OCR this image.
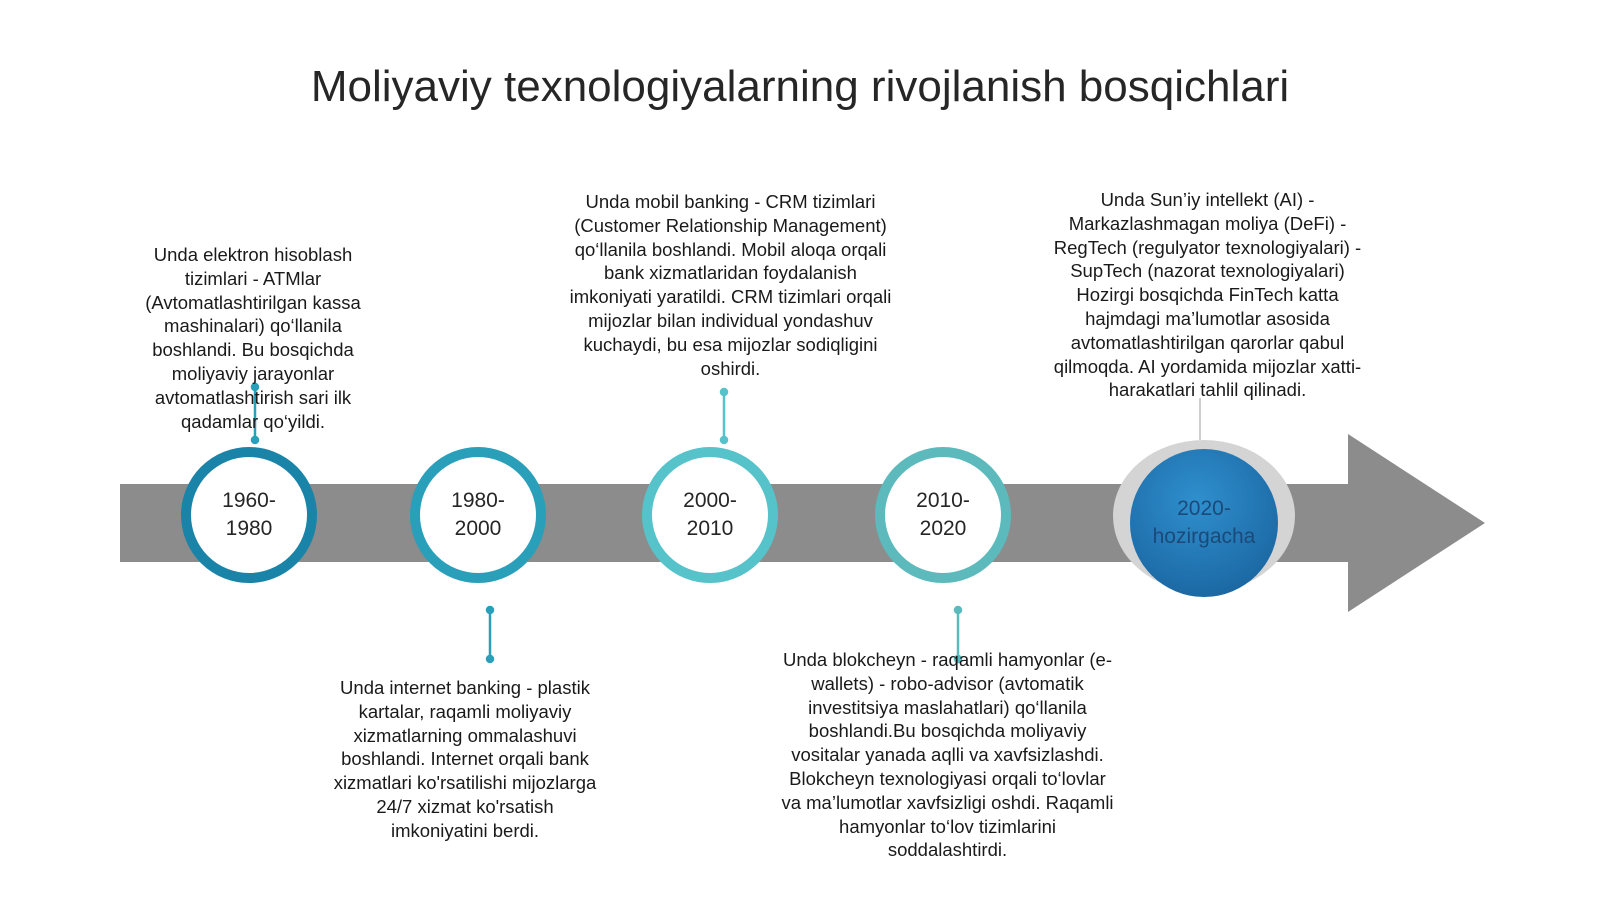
Moliyaviy texnologiyalarning rivojlanish bosqichlari
1960-
1980
1980-
2000
2000-
2010
2010-
2020
2020-
hozirgacha
Unda elektron hisoblash
tizimlari - ATMlar
(Avtomatlashtirilgan kassa
mashinalari) qo‘llanila
boshlandi. Bu bosqichda
moliyaviy jarayonlar
avtomatlashtirish sari ilk
qadamlar qo‘yildi.
Unda internet banking - plastik
kartalar, raqamli moliyaviy
xizmatlarning ommalashuvi
boshlandi. Internet orqali bank
xizmatlari ko'rsatilishi mijozlarga
24/7 xizmat ko'rsatish
imkoniyatini berdi.
Unda mobil banking - CRM tizimlari
(Customer Relationship Management)
qo‘llanila boshlandi. Mobil aloqa orqali
bank xizmatlaridan foydalanish
imkoniyati yaratildi. CRM tizimlari orqali
mijozlar bilan individual yondashuv
kuchaydi, bu esa mijozlar sodiqligini
oshirdi.
Unda blokcheyn - raqamli hamyonlar (e-
wallets) - robo-advisor (avtomatik
investitsiya maslahatlari) qo‘llanila
boshlandi.Bu bosqichda moliyaviy
vositalar yanada aqlli va xavfsizlashdi.
Blokcheyn texnologiyasi orqali to‘lovlar
va ma’lumotlar xavfsizligi oshdi. Raqamli
hamyonlar to‘lov tizimlarini
soddalashtirdi.
Unda Sun’iy intellekt (AI) -
Markazlashmagan moliya (DeFi) -
RegTech (regulyator texnologiyalari) -
SupTech (nazorat texnologiyalari)
Hozirgi bosqichda FinTech katta
hajmdagi ma’lumotlar asosida
avtomatlashtirilgan qarorlar qabul
qilmoqda. AI yordamida mijozlar xatti-
harakatlari tahlil qilinadi.
